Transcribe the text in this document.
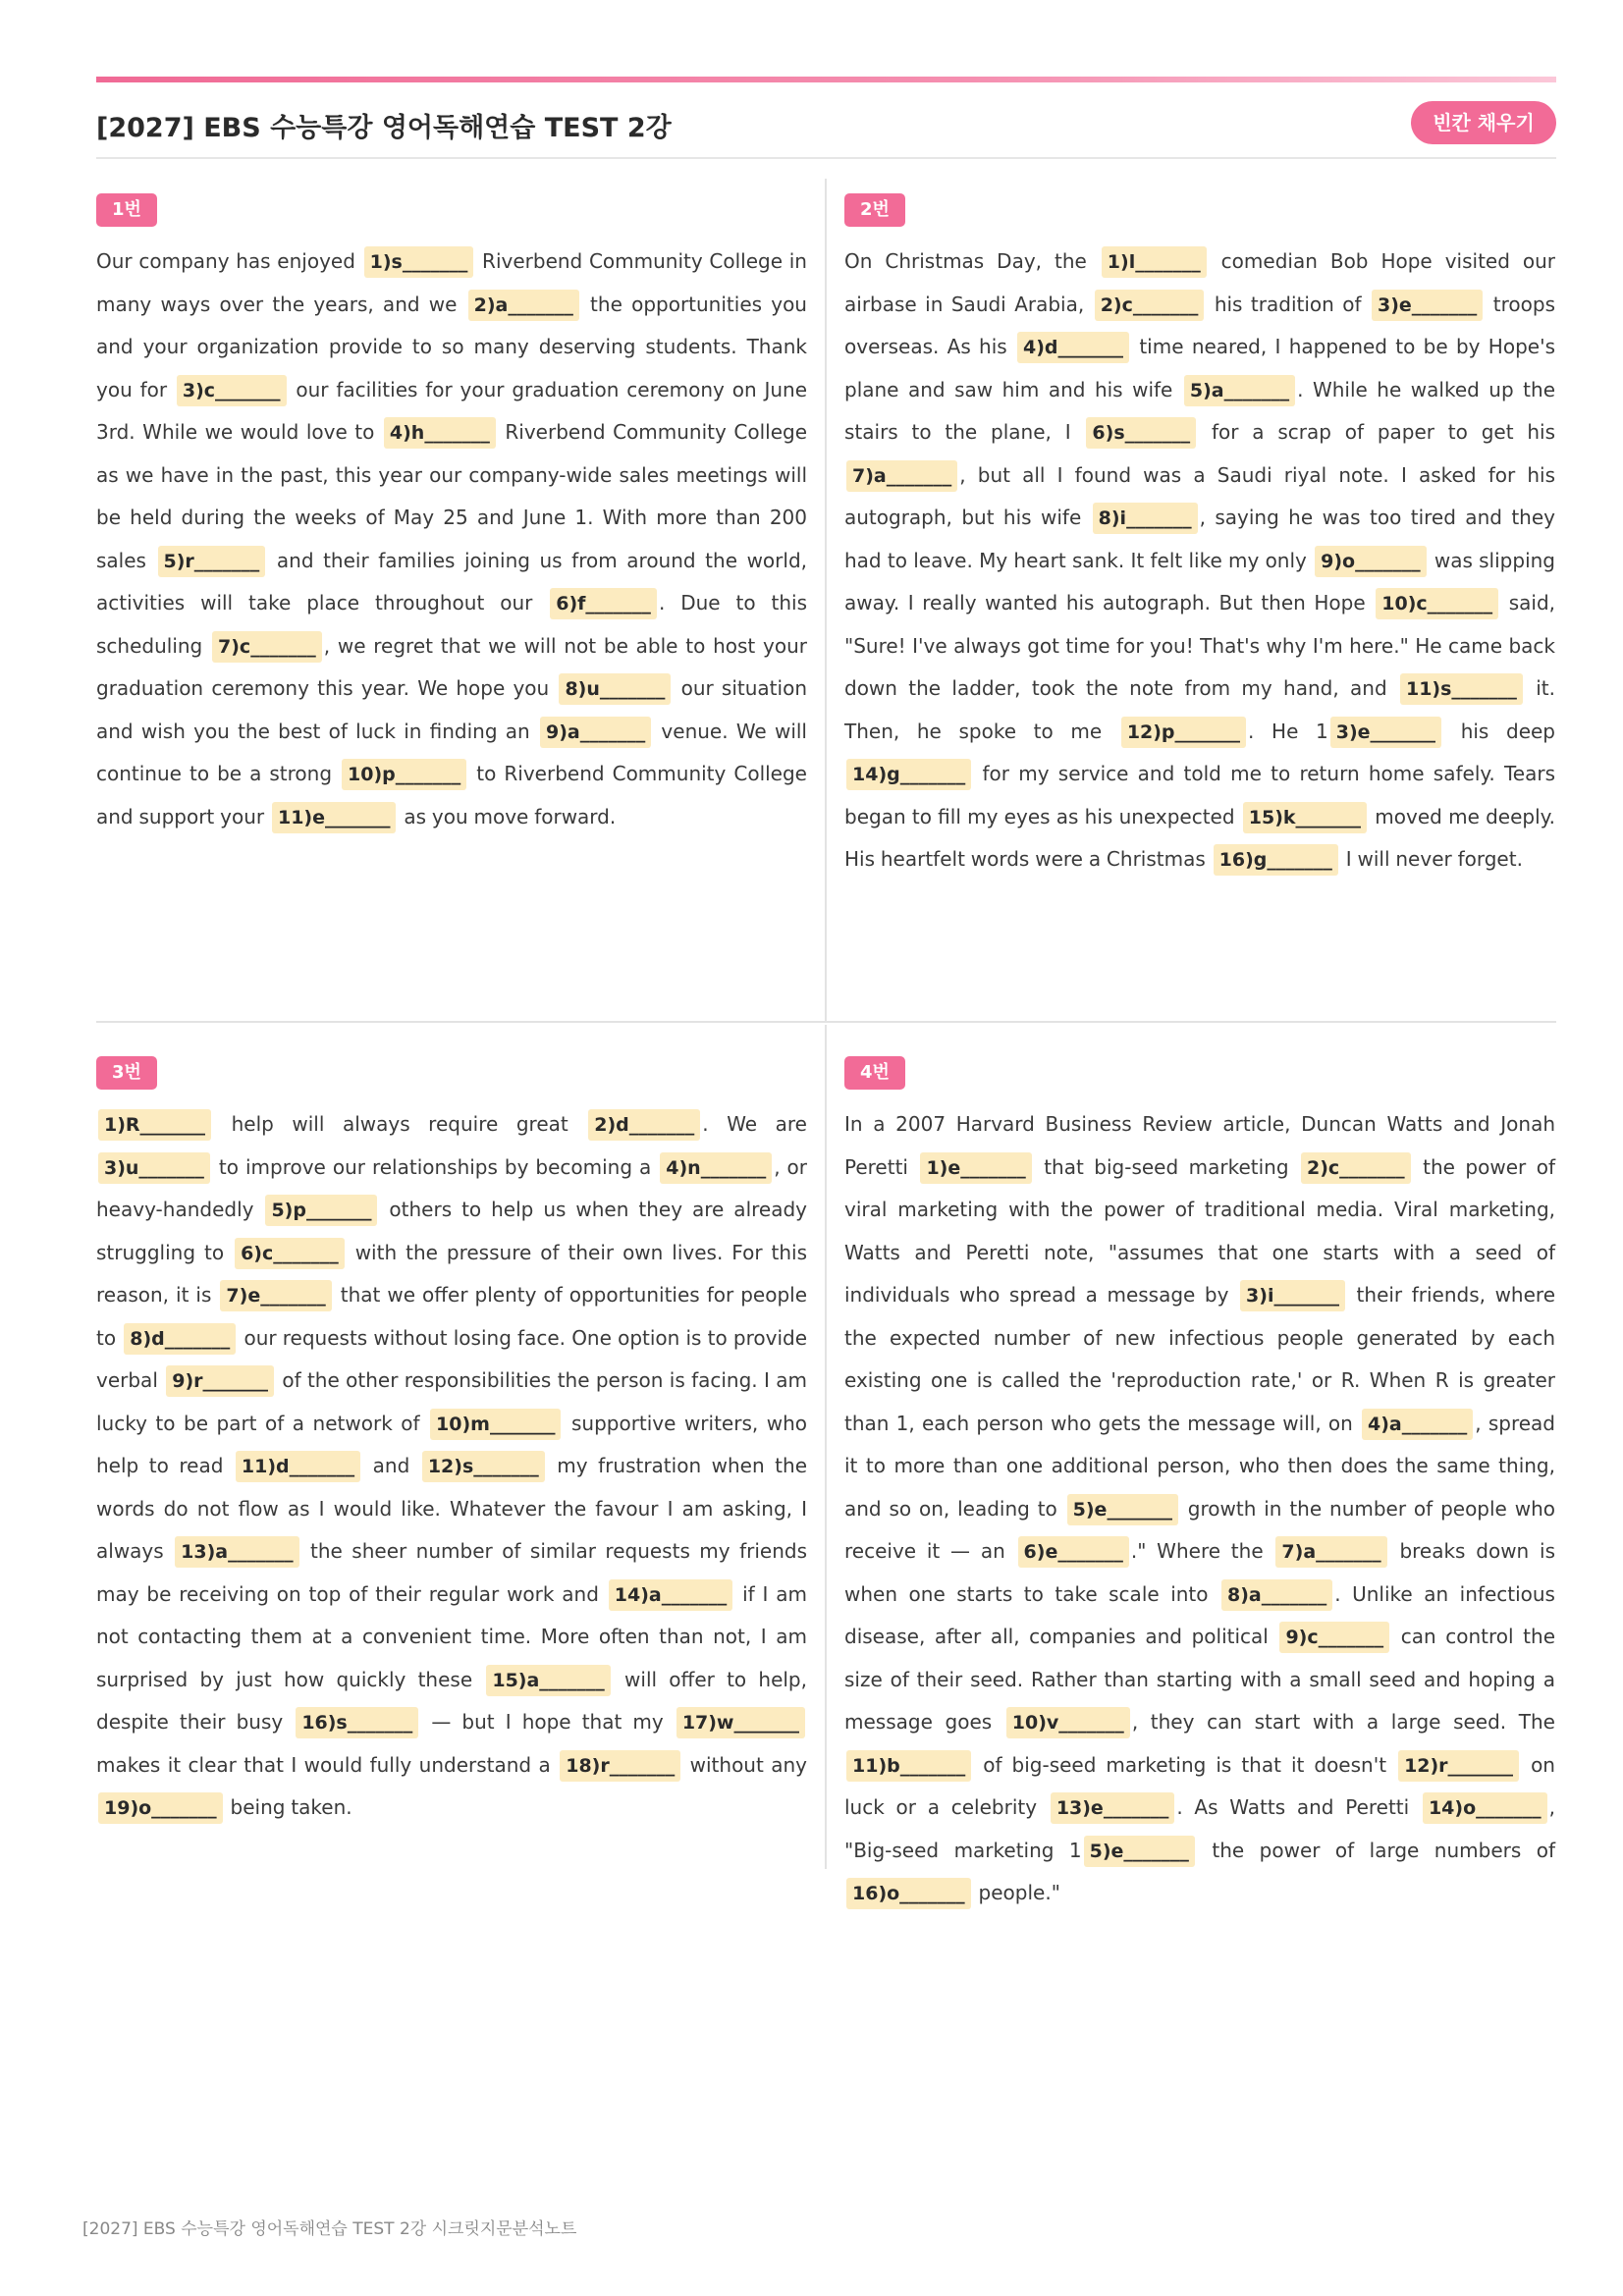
[2027] EBS 수능특강 영어독해연습 TEST 2강	빈칸 채우기
1번
Our company has enjoyed 1)s_______ Riverbend Community College in many ways over the years, and we 2)a_______ the opportunities you and your organization provide to so many deserving students. Thank you for 3)c_______ our facilities for your graduation ceremony on June 3rd. While we would love to 4)h_______ Riverbend Community College as we have in the past, this year our company-wide sales meetings will be held during the weeks of May 25 and June 1. With more than 200 sales 5)r_______ and their families joining us from around the world, activities will take place throughout our 6)f_______ . Due to this scheduling 7)c_______ , we regret that we will not be able to host your graduation ceremony this year. We hope you 8)u_______ our situation and wish you the best of luck in finding an 9)a_______ venue. We will continue to be a strong 10)p_______ to Riverbend Community College and support your 11)e_______ as you move forward.
2번
On Christmas Day, the 1)l_______ comedian Bob Hope visited our airbase in Saudi Arabia, 2)c_______ his tradition of 3)e_______ troops overseas. As his 4)d_______ time neared, I happened to be by Hope's plane and saw him and his wife 5)a_______ . While he walked up the stairs to the plane, I 6)s_______ for a scrap of paper to get his 7)a_______ , but all I found was a Saudi riyal note. I asked for his autograph, but his wife 8)i_______ , saying he was too tired and they had to leave. My heart sank. It felt like my only 9)o_______ was slipping away. I really wanted his autograph. But then Hope 10)c_______ said, "Sure! I've always got time for you! That's why I'm here." He came back down the ladder, took the note from my hand, and 11)s_______ it. Then, he spoke to me 12)p_______ . He 1 3)e_______ his deep 14)g_______ for my service and told me to return home safely. Tears began to fill my eyes as his unexpected 15)k_______ moved me deeply. His heartfelt words were a Christmas 16)g_______ I will never forget.
3번
1)R_______ help will always require great 2)d_______ . We are 3)u_______ to improve our relationships by becoming a 4)n_______ , or heavy-handedly 5)p_______ others to help us when they are already struggling to 6)c_______ with the pressure of their own lives. For this reason, it is 7)e_______ that we offer plenty of opportunities for people to 8)d_______ our requests without losing face. One option is to provide verbal 9)r_______ of the other responsibilities the person is facing. I am lucky to be part of a network of 10)m_______ supportive writers, who help to read 11)d_______ and 12)s_______ my frustration when the words do not flow as I would like. Whatever the favour I am asking, I always 13)a_______ the sheer number of similar requests my friends may be receiving on top of their regular work and 14)a_______ if I am not contacting them at a convenient time. More often than not, I am surprised by just how quickly these 15)a_______ will offer to help, despite their busy 16)s_______ — but I hope that my 17)w_______ makes it clear that I would fully understand a 18)r_______ without any 19)o_______ being taken.
4번
In a 2007 Harvard Business Review article, Duncan Watts and Jonah Peretti 1)e_______ that big-seed marketing 2)c_______ the power of viral marketing with the power of traditional media. Viral marketing, Watts and Peretti note, "assumes that one starts with a seed of individuals who spread a message by 3)i_______ their friends, where the expected number of new infectious people generated by each existing one is called the 'reproduction rate,' or R. When R is greater than 1, each person who gets the message will, on 4)a_______ , spread it to more than one additional person, who then does the same thing, and so on, leading to 5)e_______ growth in the number of people who receive it — an 6)e_______ ." Where the 7)a_______ breaks down is when one starts to take scale into 8)a_______ . Unlike an infectious disease, after all, companies and political 9)c_______ can control the size of their seed. Rather than starting with a small seed and hoping a message goes 10)v_______ , they can start with a large seed. The 11)b_______ of big-seed marketing is that it doesn't 12)r_______ on luck or a celebrity 13)e_______ . As Watts and Peretti 14)o_______ , "Big-seed marketing 1 5)e_______ the power of large numbers of 16)o_______ people."
[2027] EBS 수능특강 영어독해연습 TEST 2강 시크릿지문분석노트
